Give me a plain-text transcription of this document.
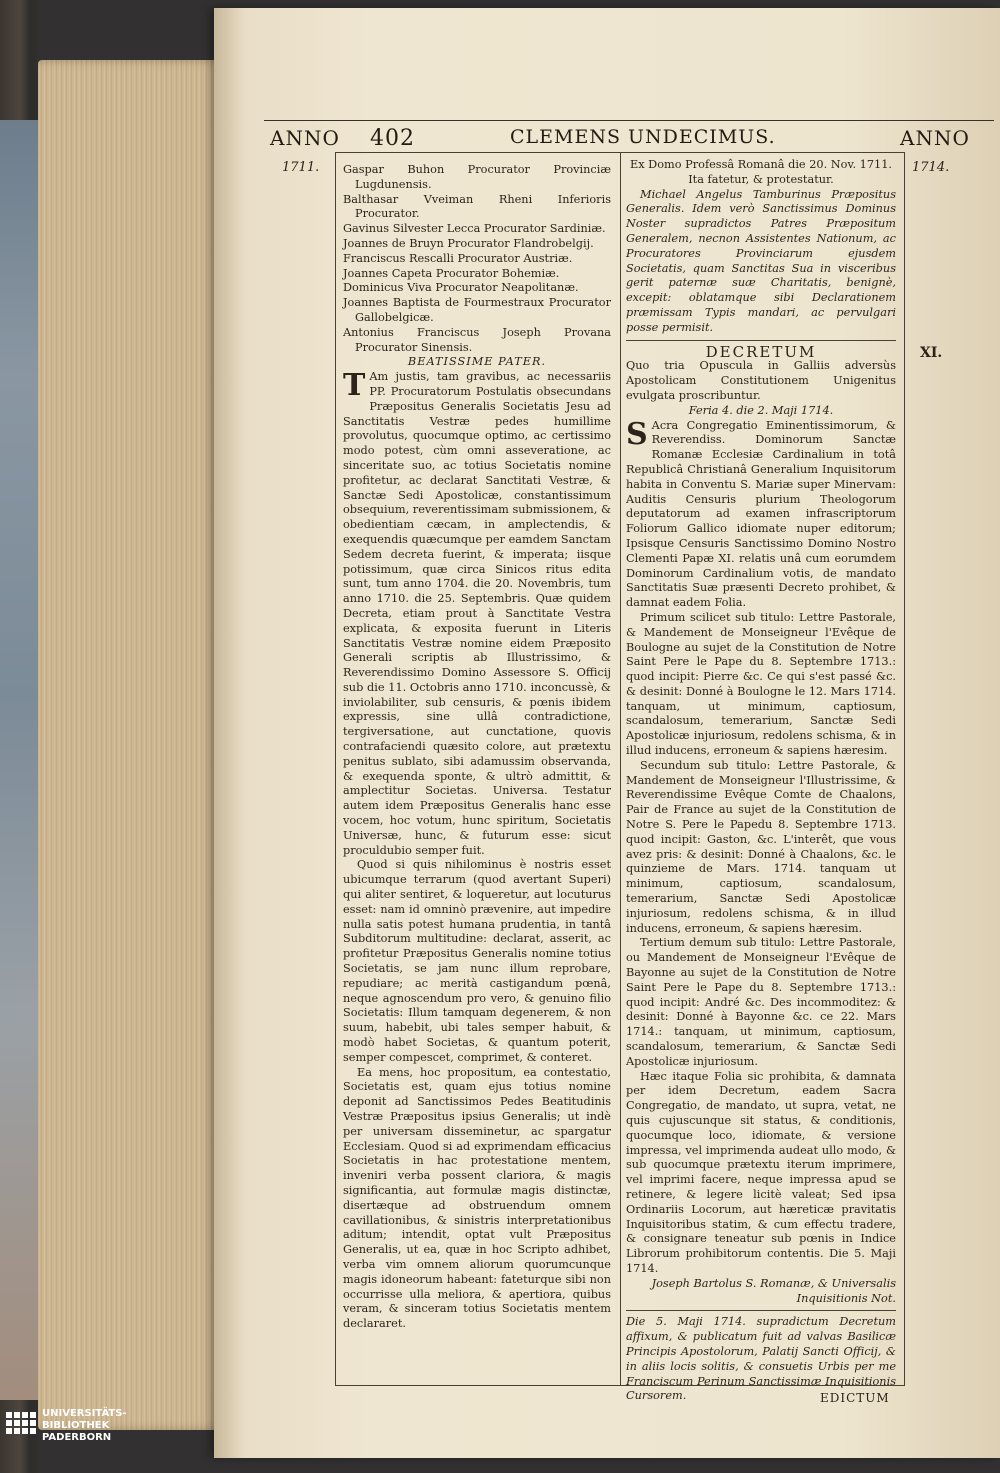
ANNO 402	CLEMENS UNDECIMUS.	ANNO
1711.	1714.
XI.

Gaspar Buhon Procurator Provinciæ Lugdunensis.

Balthasar Vveiman Rheni Inferioris Procurator.

Gavinus Silvester Lecca Procurator Sardiniæ.

Joannes de Bruyn Procurator Flandrobelgij.

Franciscus Rescalli Procurator Austriæ.

Joannes Capeta Procurator Bohemiæ.

Dominicus Viva Procurator Neapolitanæ.

Joannes Baptista de Fourmestraux Procurator Gallobelgicæ.

Antonius Franciscus Joseph Provana Procurator Sinensis.

BEATISSIME PATER.

T Am justis, tam gravibus, ac necessariis PP. Procuratorum Postulatis obsecundans Præpositus Generalis Societatis Jesu ad Sanctitatis Vestræ pedes humillime provolutus, quocumque optimo, ac certissimo modo potest, cùm omni asseveratione, ac sinceritate suo, ac totius Societatis nomine profitetur, ac declarat Sanctitati Vestræ, & Sanctæ Sedi Apostolicæ, constantissimum obsequium, reverentissimam submissionem, & obedientiam cæcam, in amplectendis, & exequendis quæcumque per eamdem Sanctam Sedem decreta fuerint, & imperata; iisque potissimum, quæ circa Sinicos ritus edita sunt, tum anno 1704. die 20. Novembris, tum anno 1710. die 25. Septembris. Quæ quidem Decreta, etiam prout à Sanctitate Vestra explicata, & exposita fuerunt in Literis Sanctitatis Vestræ nomine eidem Præposito Generali scriptis ab Illustrissimo, & Reverendissimo Domino Assessore S. Officij sub die 11. Octobris anno 1710. inconcussè, & inviolabiliter, sub censuris, & pœnis ibidem expressis, sine ullâ contradictione, tergiversatione, aut cunctatione, quovis contrafaciendi quæsito colore, aut prætextu penitus sublato, sibi adamussim observanda, & exequenda sponte, & ultrò admittit, & amplectitur Societas. Universa. Testatur autem idem Præpositus Generalis hanc esse vocem, hoc votum, hunc spiritum, Societatis Universæ, hunc, & futurum esse: sicut proculdubio semper fuit.

Quod si quis nihilominus è nostris esset ubicumque terrarum (quod avertant Superi) qui aliter sentiret, & loqueretur, aut locuturus esset: nam id omninò prævenire, aut impedire nulla satis potest humana prudentia, in tantâ Subditorum multitudine: declarat, asserit, ac profitetur Præpositus Generalis nomine totius Societatis, se jam nunc illum reprobare, repudiare; ac merità castigandum pœnâ, neque agnoscendum pro vero, & genuino filio Societatis: Illum tamquam degenerem, & non suum, habebit, ubi tales semper habuit, & modò habet Societas, & quantum poterit, semper compescet, comprimet, & conteret.

Ea mens, hoc propositum, ea contestatio, Societatis est, quam ejus totius nomine deponit ad Sanctissimos Pedes Beatitudinis Vestræ Præpositus ipsius Generalis; ut indè per universam disseminetur, ac spargatur Ecclesiam. Quod si ad exprimendam efficacius Societatis in hac protestatione mentem, inveniri verba possent clariora, & magis significantia, aut formulæ magis distinctæ, disertæque ad obstruendum omnem cavillationibus, & sinistris interpretationibus aditum; intendit, optat vult Præpositus Generalis, ut ea, quæ in hoc Scripto adhibet, verba vim omnem aliorum quorumcunque magis idoneorum habeant: fateturque sibi non occurrisse ulla meliora, & apertiora, quibus veram, & sinceram totius Societatis mentem declararet.

Ex Domo Professâ Romanâ die 20. Nov. 1711.

Ita fatetur, & protestatur.

Michael Angelus Tamburinus Præpositus Generalis. Idem verò Sanctissimus Dominus Noster supradictos Patres Præpositum Generalem, necnon Assistentes Nationum, ac Procuratores Provinciarum ejusdem Societatis, quam Sanctitas Sua in visceribus gerit paternæ suæ Charitatis, benignè, excepit: oblatamque sibi Declarationem præmissam Typis mandari, ac pervulgari posse permisit.

DECRETUM

Quo tria Opuscula in Galliis adversùs Apostolicam Constitutionem Unigenitus evulgata proscribuntur.

Feria 4. die 2. Maji 1714.

S Acra Congregatio Eminentissimorum, & Reverendiss. Dominorum Sanctæ Romanæ Ecclesiæ Cardinalium in totâ Republicâ Christianâ Generalium Inquisitorum habita in Conventu S. Mariæ super Minervam: Auditis Censuris plurium Theologorum deputatorum ad examen infrascriptorum Foliorum Gallico idiomate nuper editorum; Ipsisque Censuris Sanctissimo Domino Nostro Clementi Papæ XI. relatis unâ cum eorumdem Dominorum Cardinalium votis, de mandato Sanctitatis Suæ præsenti Decreto prohibet, & damnat eadem Folia.

Primum scilicet sub titulo: Lettre Pastorale, & Mandement de Monseigneur l'Evêque de Boulogne au sujet de la Constitution de Notre Saint Pere le Pape du 8. Septembre 1713.: quod incipit: Pierre &c. Ce qui s'est passé &c. & desinit: Donné à Boulogne le 12. Mars 1714. tanquam, ut minimum, captiosum, scandalosum, temerarium, Sanctæ Sedi Apostolicæ injuriosum, redolens schisma, & in illud inducens, erroneum & sapiens hæresim.

Secundum sub titulo: Lettre Pastorale, & Mandement de Monseigneur l'Illustrissime, & Reverendissime Evêque Comte de Chaalons, Pair de France au sujet de la Constitution de Notre S. Pere le Papedu 8. Septembre 1713. quod incipit: Gaston, &c. L'interêt, que vous avez pris: & desinit: Donné à Chaalons, &c. le quinzieme de Mars. 1714. tanquam ut minimum, captiosum, scandalosum, temerarium, Sanctæ Sedi Apostolicæ injuriosum, redolens schisma, & in illud inducens, erroneum, & sapiens hæresim.

Tertium demum sub titulo: Lettre Pastorale, ou Mandement de Monseigneur l'Evêque de Bayonne au sujet de la Constitution de Notre Saint Pere le Pape du 8. Septembre 1713.: quod incipit: André &c. Des incommoditez: & desinit: Donné à Bayonne &c. ce 22. Mars 1714.: tanquam, ut minimum, captiosum, scandalosum, temerarium, & Sanctæ Sedi Apostolicæ injuriosum.

Hæc itaque Folia sic prohibita, & damnata per idem Decretum, eadem Sacra Congregatio, de mandato, ut supra, vetat, ne quis cujuscunque sit status, & conditionis, quocumque loco, idiomate, & versione impressa, vel imprimenda audeat ullo modo, & sub quocumque prætextu iterum imprimere, vel imprimi facere, neque impressa apud se retinere, & legere licitè valeat; Sed ipsa Ordinariis Locorum, aut hæreticæ pravitatis Inquisitoribus statim, & cum effectu tradere, & consignare teneatur sub pœnis in Indice Librorum prohibitorum contentis. Die 5. Maji 1714.

Joseph Bartolus S. Romanæ, & Universalis Inquisitionis Not.

Die 5. Maji 1714. supradictum Decretum affixum, & publicatum fuit ad valvas Basilicæ Principis Apostolorum, Palatij Sancti Officij, & in aliis locis solitis, & consuetis Urbis per me Franciscum Perinum Sanctissimæ Inquisitionis Cursorem.	EDICTUM
UNIVERSITÄTS-
BIBLIOTHEK
PADERBORN
